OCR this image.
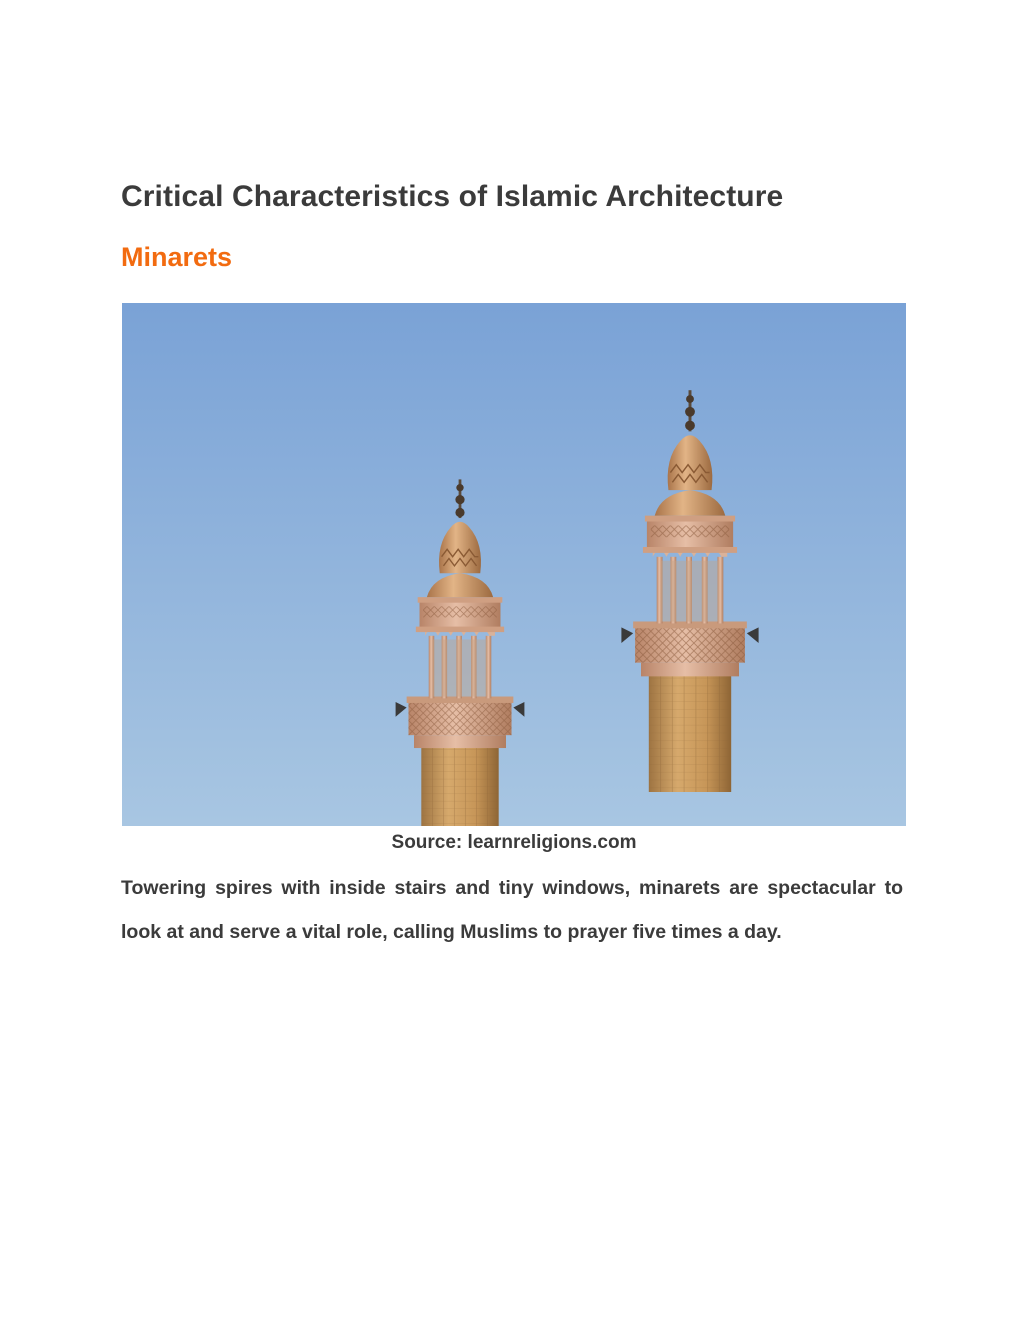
Critical Characteristics of Islamic Architecture
Minarets
Source: learnreligions.com

Towering spires with inside stairs and tiny windows, minarets are spectacular to look at and serve a vital role, calling Muslims to prayer five times a day.
